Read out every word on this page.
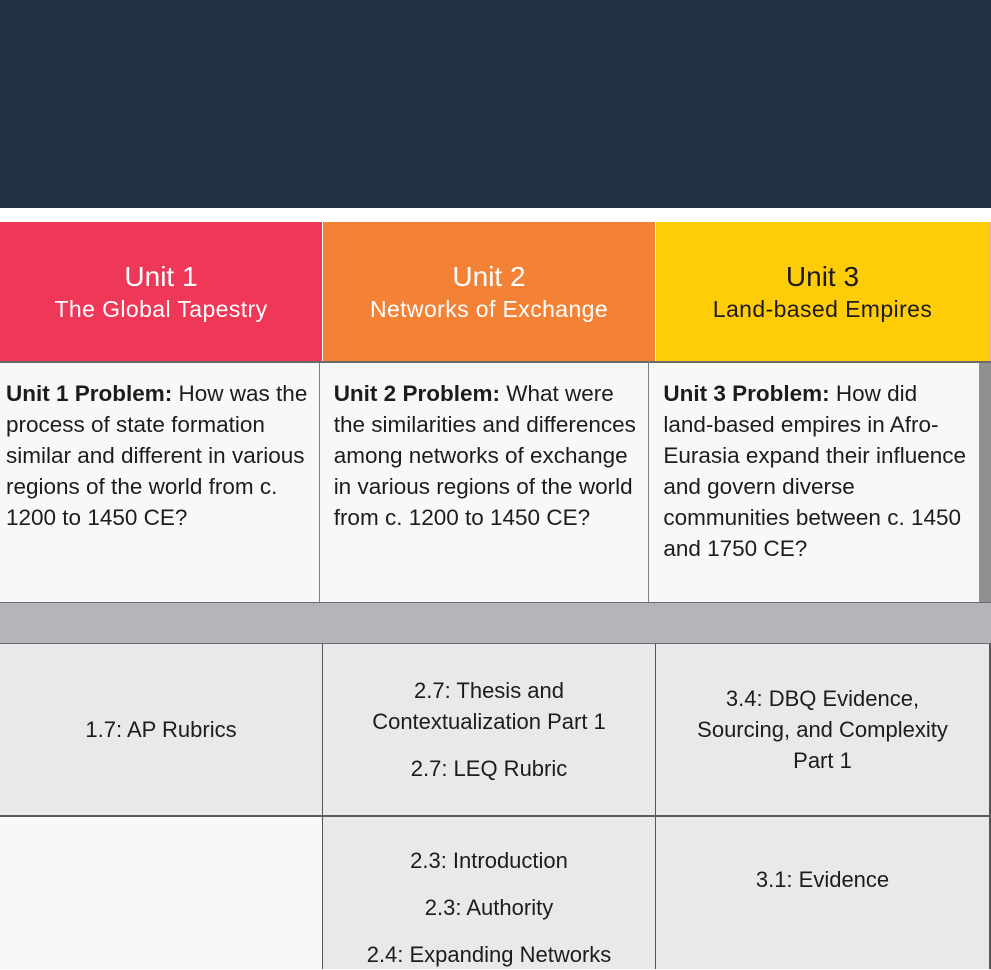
Unit 1
The Global Tapestry
Unit 2
Networks of Exchange
Unit 3
Land-based Empires
Unit 1 Problem: How was the process of state formation similar and different in various regions of the world from c. 1200 to 1450 CE?
Unit 2 Problem: What were the similarities and differences among networks of exchange in various regions of the world from c. 1200 to 1450 CE?
Unit 3 Problem: How did land-based empires in Afro-Eurasia expand their influence and govern diverse communities between c. 1450 and 1750 CE?
1.7: AP Rubrics
2.7: Thesis and Contextualization Part 1
2.7: LEQ Rubric
3.4: DBQ Evidence, Sourcing, and Complexity Part 1
2.3: Introduction
2.3: Authority
2.4: Expanding Networks
3.1: Evidence
